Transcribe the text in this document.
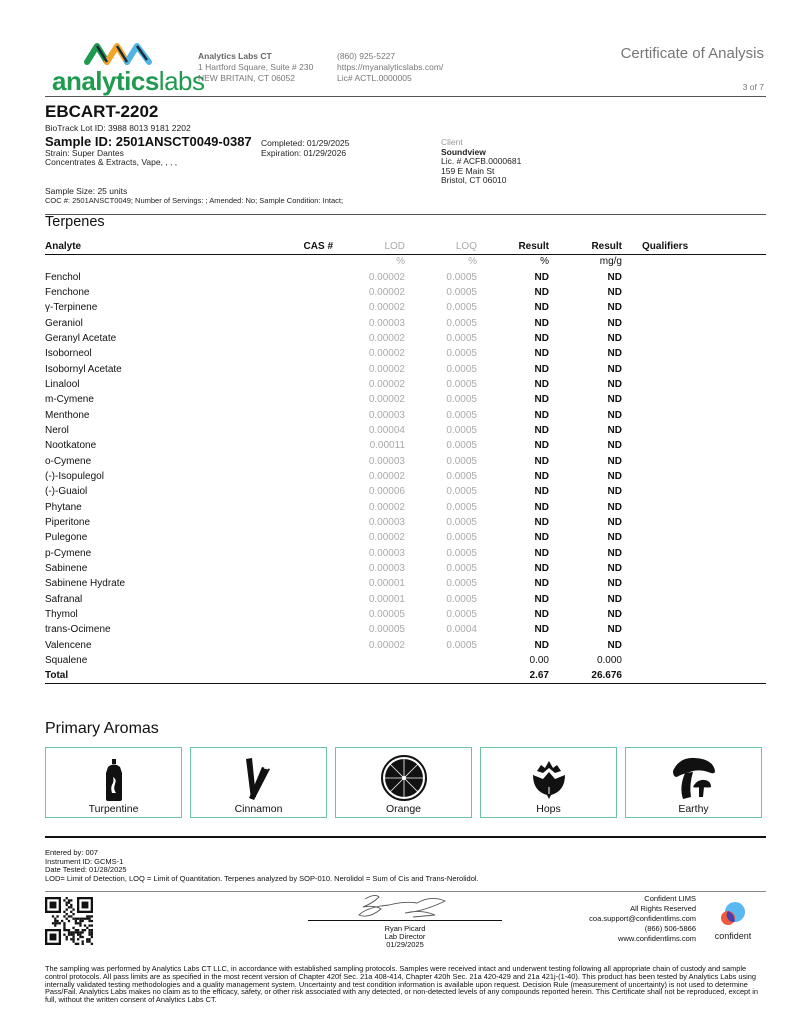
analyticslabs
Analytics Labs CT
1 Hartford Square, Suite # 230
NEW BRITAIN, CT 06052
(860) 925-5227
https://myanalyticslabs.com/
Lic# ACTL.0000005
Certificate of Analysis
3 of 7
EBCART-2202
BioTrack Lot ID: 3988 8013 9181 2202
Sample ID: 2501ANSCT0049-0387
Strain: Super Dantes
Concentrates & Extracts, Vape, , , ,
Completed: 01/29/2025
Expiration: 01/29/2026
Client
Soundview
Lic. # ACFB.0000681
159 E Main St
Bristol, CT 06010
Sample Size: 25 units
COC #: 2501ANSCT0049; Number of Servings: ; Amended: No; Sample Condition: Intact;
Terpenes
Analyte	CAS #	LOD	LOQ	Result	Result	Qualifiers
		%	%	%	mg/g	
Fenchol		0.00002	0.0005	ND	ND	
Fenchone		0.00002	0.0005	ND	ND	
γ-Terpinene		0.00002	0.0005	ND	ND	
Geraniol		0.00003	0.0005	ND	ND	
Geranyl Acetate		0.00002	0.0005	ND	ND	
Isoborneol		0.00002	0.0005	ND	ND	
Isobornyl Acetate		0.00002	0.0005	ND	ND	
Linalool		0.00002	0.0005	ND	ND	
m-Cymene		0.00002	0.0005	ND	ND	
Menthone		0.00003	0.0005	ND	ND	
Nerol		0.00004	0.0005	ND	ND	
Nootkatone		0.00011	0.0005	ND	ND	
o-Cymene		0.00003	0.0005	ND	ND	
(-)-Isopulegol		0.00002	0.0005	ND	ND	
(-)-Guaiol		0.00006	0.0005	ND	ND	
Phytane		0.00002	0.0005	ND	ND	
Piperitone		0.00003	0.0005	ND	ND	
Pulegone		0.00002	0.0005	ND	ND	
p-Cymene		0.00003	0.0005	ND	ND	
Sabinene		0.00003	0.0005	ND	ND	
Sabinene Hydrate		0.00001	0.0005	ND	ND	
Safranal		0.00001	0.0005	ND	ND	
Thymol		0.00005	0.0005	ND	ND	
trans-Ocimene		0.00005	0.0004	ND	ND	
Valencene		0.00002	0.0005	ND	ND	
Squalene				0.00	0.000	
Total				2.67	26.676	
Primary Aromas
Turpentine	Cinnamon	Orange	Hops	Earthy
Entered by: 007
Instrument ID: GCMS-1
Date Tested: 01/28/2025
LOD= Limit of Detection, LOQ = Limit of Quantitation. Terpenes analyzed by SOP-010. Nerolidol = Sum of Cis and Trans-Nerolidol.
Ryan Picard
Lab Director
01/29/2025
Confident LIMS
All Rights Reserved
coa.support@confidentlims.com
(866) 506-5866
www.confidentlims.com	confident
The sampling was performed by Analytics Labs CT LLC, in accordance with established sampling protocols. Samples were received intact and underwent testing following all appropriate chain of custody and sample control protocols. All pass limits are as specified in the most recent version of Chapter 420f Sec. 21a 408-414, Chapter 420h Sec. 21a 420-429 and 21a 421j-(1-40). This product has been tested by Analytics Labs using internally validated testing methodologies and a quality management system. Uncertainty and test condition information is available upon request. Decision Rule (measurement of uncertainty) is not used to determine Pass/Fail. Analytics Labs makes no claim as to the efficacy, safety, or other risk associated with any detected, or non-detected levels of any compounds reported herein. This Certificate shall not be reproduced, except in full, without the written consent of Analytics Labs CT.
